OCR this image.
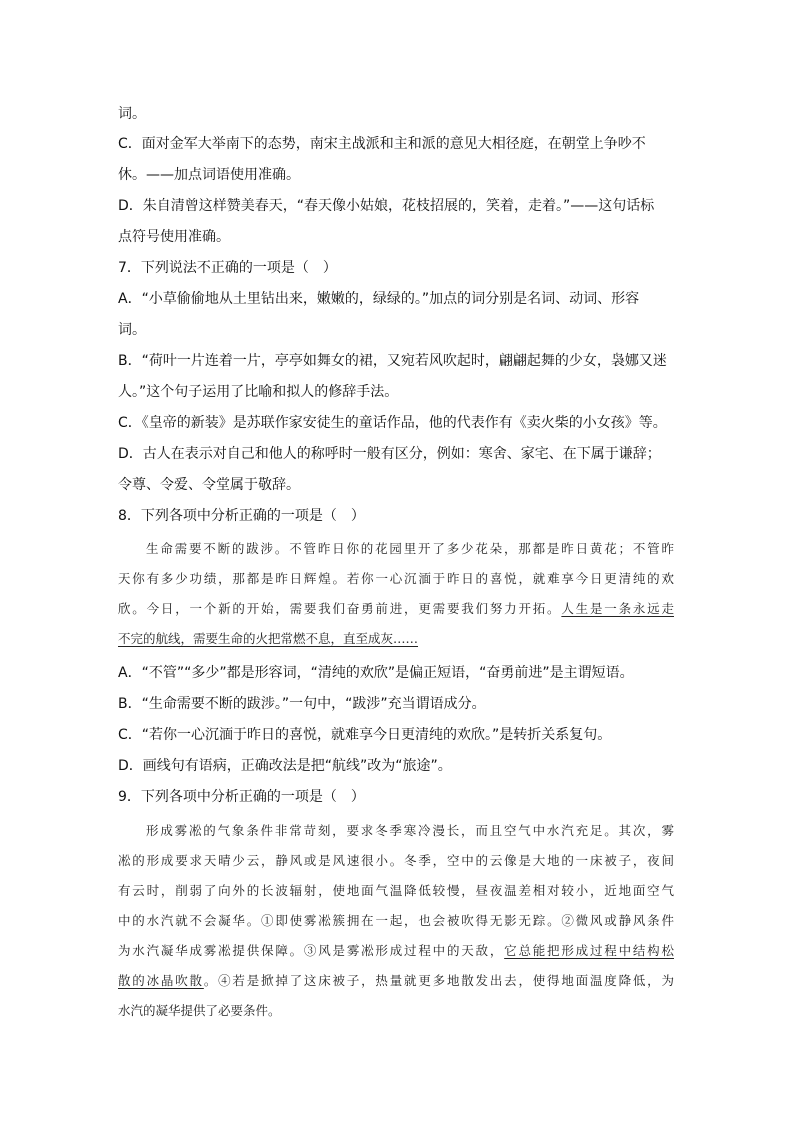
词。
C．面对金军大举南下的态势，南宋主战派和主和派的意见大相径庭，在朝堂上争吵不
休。——加点词语使用准确。
D．朱自清曾这样赞美春天，“春天像小姑娘，花枝招展的，笑着，走着。”——这句话标
点符号使用准确。
7．下列说法不正确的一项是（　）
A．“小草偷偷地从土里钻出来，嫩嫩的，绿绿的。”加点的词分别是名词、动词、形容
词。
B．“荷叶一片连着一片，亭亭如舞女的裙，又宛若风吹起时，翩翩起舞的少女，袅娜又迷
人。”这个句子运用了比喻和拟人的修辞手法。
C．《皇帝的新装》是苏联作家安徒生的童话作品，他的代表作有《卖火柴的小女孩》等。
D．古人在表示对自己和他人的称呼时一般有区分，例如：寒舍、家宅、在下属于谦辞；
令尊、令爱、令堂属于敬辞。
8．下列各项中分析正确的一项是（　）
生命需要不断的跋涉。不管昨日你的花园里开了多少花朵，那都是昨日黄花；不管昨
天你有多少功绩，那都是昨日辉煌。若你一心沉湎于昨日的喜悦，就难享今日更清纯的欢
欣。今日，一个新的开始，需要我们奋勇前进，更需要我们努力开拓。人生是一条永远走
不完的航线，需要生命的火把常燃不息，直至成灰……
A．“不管”“多少”都是形容词，“清纯的欢欣”是偏正短语，“奋勇前进”是主谓短语。
B．“生命需要不断的跋涉。”一句中，“跋涉”充当谓语成分。
C．“若你一心沉湎于昨日的喜悦，就难享今日更清纯的欢欣。”是转折关系复句。
D．画线句有语病，正确改法是把“航线”改为“旅途”。
9．下列各项中分析正确的一项是（　）
形成雾凇的气象条件非常苛刻，要求冬季寒冷漫长，而且空气中水汽充足。其次，雾
凇的形成要求天晴少云，静风或是风速很小。冬季，空中的云像是大地的一床被子，夜间
有云时，削弱了向外的长波辐射，使地面气温降低较慢，昼夜温差相对较小，近地面空气
中的水汽就不会凝华。①即使雾凇簇拥在一起，也会被吹得无影无踪。②微风或静风条件
为水汽凝华成雾凇提供保障。③风是雾凇形成过程中的天敌，它总能把形成过程中结构松
散的冰晶吹散。④若是掀掉了这床被子，热量就更多地散发出去，使得地面温度降低，为
水汽的凝华提供了必要条件。
